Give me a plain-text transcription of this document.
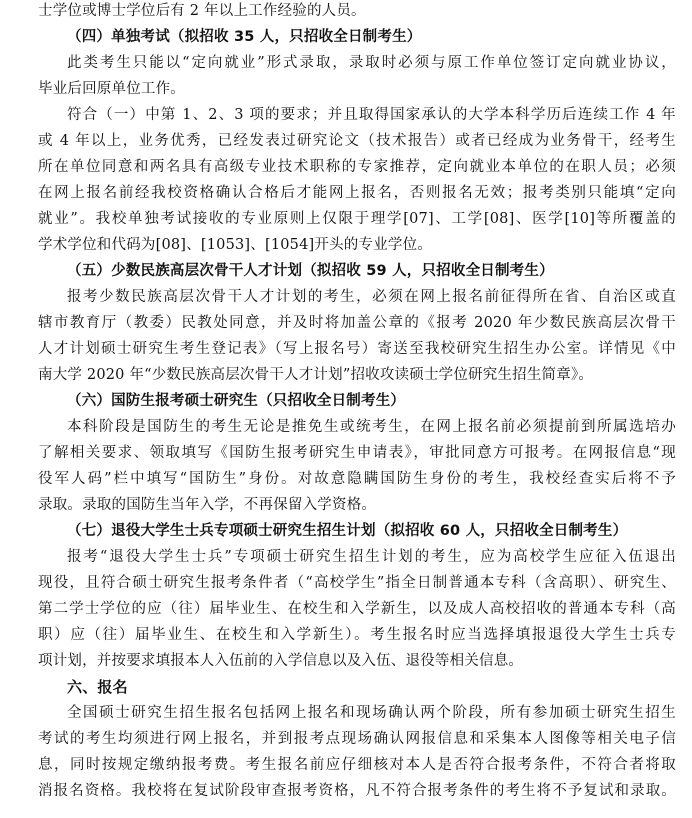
士学位或博士学位后有 2 年以上工作经验的人员。
（四）单独考试（拟招收 35 人，只招收全日制考生）
此类考生只能以“定向就业”形式录取，录取时必须与原工作单位签订定向就业协议，
毕业后回原单位工作。
符合（一）中第 1、2、3 项的要求；并且取得国家承认的大学本科学历后连续工作 4 年
或 4 年以上，业务优秀，已经发表过研究论文（技术报告）或者已经成为业务骨干，经考生
所在单位同意和两名具有高级专业技术职称的专家推荐，定向就业本单位的在职人员；必须
在网上报名前经我校资格确认合格后才能网上报名，否则报名无效；报考类别只能填“定向
就业”。我校单独考试接收的专业原则上仅限于理学[07]、工学[08]、医学[10]等所覆盖的
学术学位和代码为[08]、[1053]、[1054]开头的专业学位。
（五）少数民族高层次骨干人才计划（拟招收 59 人，只招收全日制考生）
报考少数民族高层次骨干人才计划的考生，必须在网上报名前征得所在省、自治区或直
辖市教育厅（教委）民教处同意，并及时将加盖公章的《报考 2020 年少数民族高层次骨干
人才计划硕士研究生考生登记表》（写上报名号）寄送至我校研究生招生办公室。详情见《中
南大学 2020 年“少数民族高层次骨干人才计划”招收攻读硕士学位研究生招生简章》。
（六）国防生报考硕士研究生（只招收全日制考生）
本科阶段是国防生的考生无论是推免生或统考生，在网上报名前必须提前到所属选培办
了解相关要求、领取填写《国防生报考研究生申请表》，审批同意方可报考。在网报信息“现
役军人码”栏中填写“国防生”身份。对故意隐瞒国防生身份的考生，我校经查实后将不予
录取。录取的国防生当年入学，不再保留入学资格。
（七）退役大学生士兵专项硕士研究生招生计划（拟招收 60 人，只招收全日制考生）
报考“退役大学生士兵”专项硕士研究生招生计划的考生，应为高校学生应征入伍退出
现役，且符合硕士研究生报考条件者（“高校学生”指全日制普通本专科（含高职）、研究生、
第二学士学位的应（往）届毕业生、在校生和入学新生，以及成人高校招收的普通本专科（高
职）应（往）届毕业生、在校生和入学新生）。考生报名时应当选择填报退役大学生士兵专
项计划，并按要求填报本人入伍前的入学信息以及入伍、退役等相关信息。
六、报名
全国硕士研究生招生报名包括网上报名和现场确认两个阶段，所有参加硕士研究生招生
考试的考生均须进行网上报名，并到报考点现场确认网报信息和采集本人图像等相关电子信
息，同时按规定缴纳报考费。考生报名前应仔细核对本人是否符合报考条件，不符合者将取
消报名资格。我校将在复试阶段审查报考资格，凡不符合报考条件的考生将不予复试和录取。
